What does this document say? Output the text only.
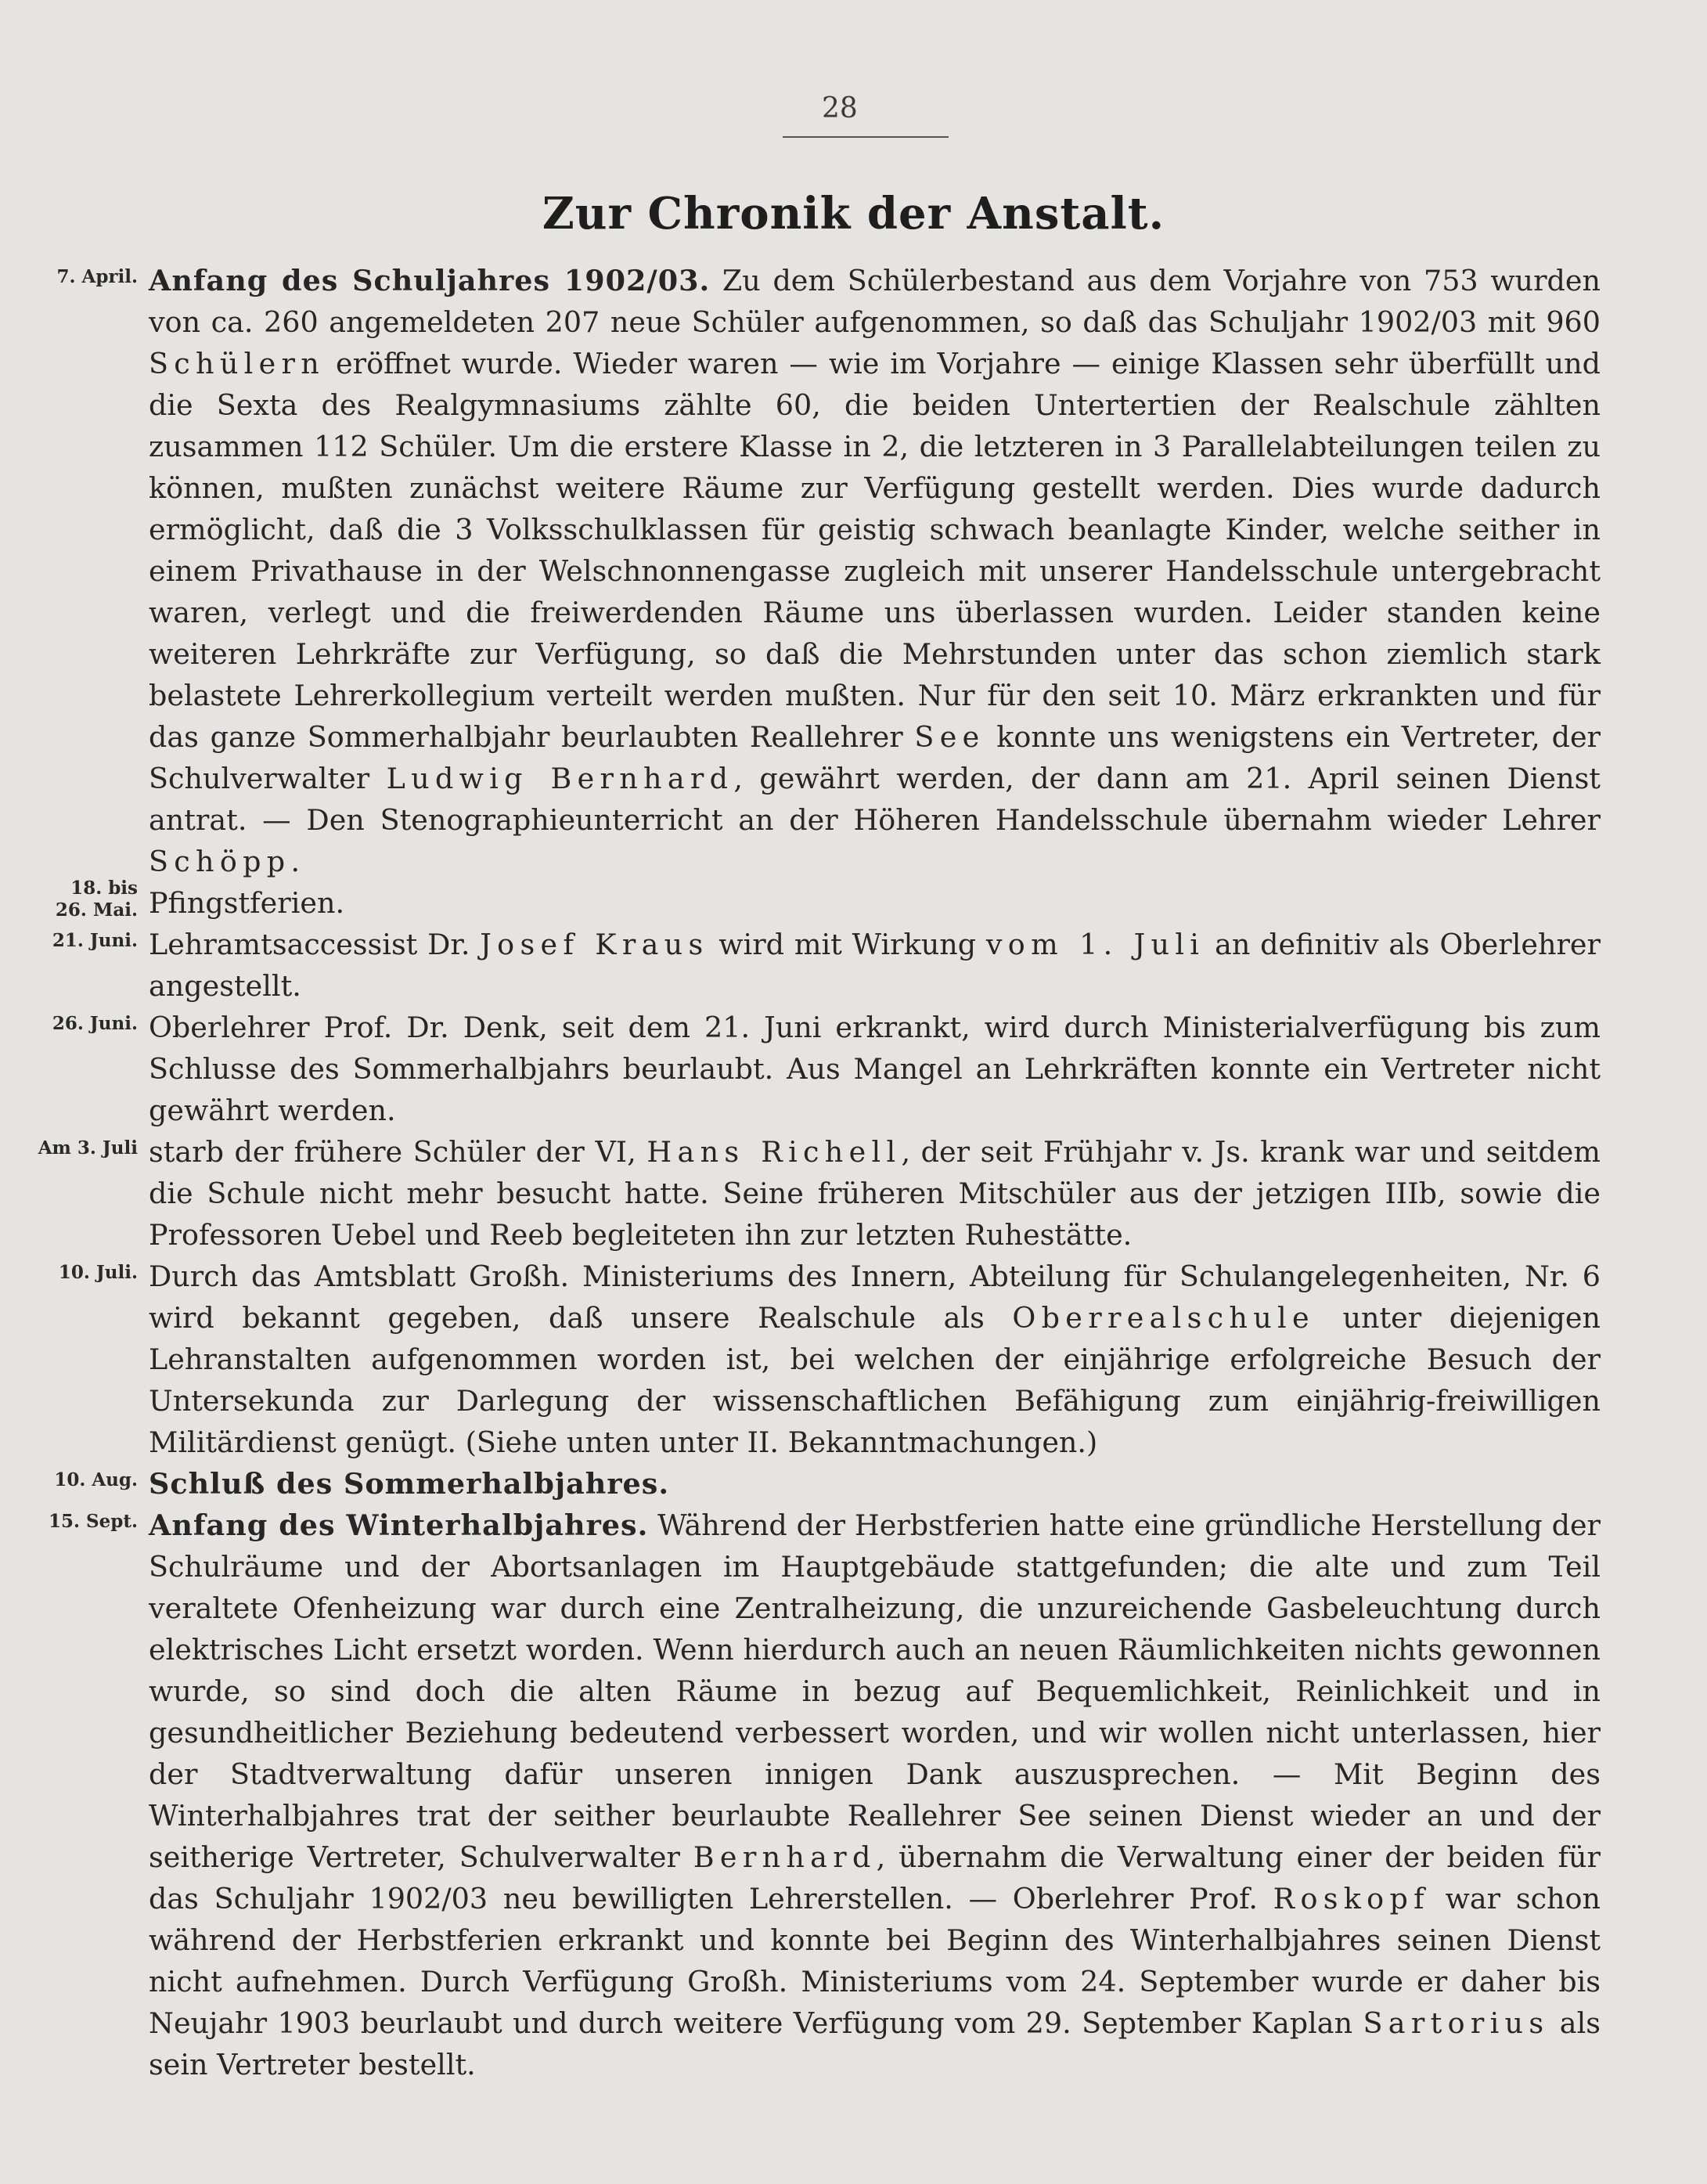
28
Zur Chronik der Anstalt.

7. April. Anfang des Schuljahres 1902/03. Zu dem Schülerbestand aus dem Vorjahre von 753 wurden von ca. 260 angemeldeten 207 neue Schüler aufgenommen, so daß das Schuljahr 1902/03 mit 960 Schülern eröffnet wurde. Wieder waren — wie im Vorjahre — einige Klassen sehr überfüllt und die Sexta des Realgymnasiums zählte 60, die beiden Untertertien der Realschule zählten zusammen 112 Schüler. Um die erstere Klasse in 2, die letzteren in 3 Parallelabteilungen teilen zu können, mußten zunächst weitere Räume zur Verfügung gestellt werden. Dies wurde dadurch ermöglicht, daß die 3 Volksschulklassen für geistig schwach beanlagte Kinder, welche seither in einem Privathause in der Welschnonnengasse zugleich mit unserer Handelsschule untergebracht waren, verlegt und die freiwerdenden Räume uns überlassen wurden. Leider standen keine weiteren Lehrkräfte zur Verfügung, so daß die Mehrstunden unter das schon ziemlich stark belastete Lehrerkollegium verteilt werden mußten. Nur für den seit 10. März erkrankten und für das ganze Sommerhalbjahr beurlaubten Reallehrer See konnte uns wenigstens ein Vertreter, der Schulverwalter Ludwig Bernhard, gewährt werden, der dann am 21. April seinen Dienst antrat. — Den Stenographieunterricht an der Höheren Handelsschule übernahm wieder Lehrer Schöpp.

18. bis
26. Mai. Pfingstferien.

21. Juni. Lehramtsaccessist Dr. Josef Kraus wird mit Wirkung vom 1. Juli an definitiv als Oberlehrer angestellt.

26. Juni. Oberlehrer Prof. Dr. Denk, seit dem 21. Juni erkrankt, wird durch Ministerialverfügung bis zum Schlusse des Sommerhalbjahrs beurlaubt. Aus Mangel an Lehrkräften konnte ein Vertreter nicht gewährt werden.

Am 3. Juli starb der frühere Schüler der VI, Hans Richell, der seit Frühjahr v. Js. krank war und seitdem die Schule nicht mehr besucht hatte. Seine früheren Mitschüler aus der jetzigen IIIb, sowie die Professoren Uebel und Reeb begleiteten ihn zur letzten Ruhestätte.

10. Juli. Durch das Amtsblatt Großh. Ministeriums des Innern, Abteilung für Schulangelegenheiten, Nr. 6 wird bekannt gegeben, daß unsere Realschule als Oberrealschule unter diejenigen Lehranstalten aufgenommen worden ist, bei welchen der einjährige erfolgreiche Besuch der Untersekunda zur Darlegung der wissenschaftlichen Befähigung zum einjährig-freiwilligen Militärdienst genügt. (Siehe unten unter II. Bekanntmachungen.)

10. Aug. Schluß des Sommerhalbjahres.

15. Sept. Anfang des Winterhalbjahres. Während der Herbstferien hatte eine gründliche Herstellung der Schulräume und der Abortsanlagen im Hauptgebäude stattgefunden; die alte und zum Teil veraltete Ofenheizung war durch eine Zentralheizung, die unzureichende Gasbeleuchtung durch elektrisches Licht ersetzt worden. Wenn hierdurch auch an neuen Räumlichkeiten nichts gewonnen wurde, so sind doch die alten Räume in bezug auf Bequemlichkeit, Reinlichkeit und in gesundheitlicher Beziehung bedeutend verbessert worden, und wir wollen nicht unterlassen, hier der Stadtverwaltung dafür unseren innigen Dank auszusprechen. — Mit Beginn des Winterhalbjahres trat der seither beurlaubte Reallehrer See seinen Dienst wieder an und der seitherige Vertreter, Schulverwalter Bernhard, übernahm die Verwaltung einer der beiden für das Schuljahr 1902/03 neu bewilligten Lehrerstellen. — Oberlehrer Prof. Roskopf war schon während der Herbstferien erkrankt und konnte bei Beginn des Winterhalbjahres seinen Dienst nicht aufnehmen. Durch Verfügung Großh. Ministeriums vom 24. September wurde er daher bis Neujahr 1903 beurlaubt und durch weitere Verfügung vom 29. September Kaplan Sartorius als sein Vertreter bestellt.
